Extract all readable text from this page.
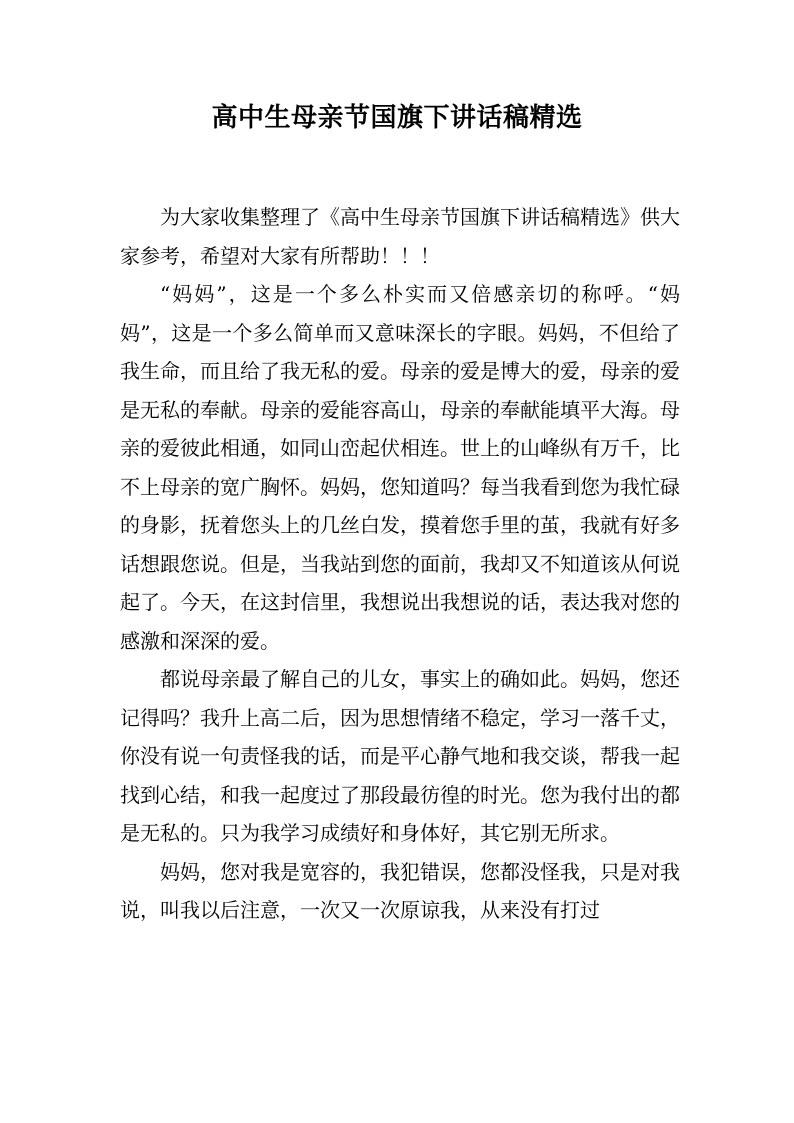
高中生母亲节国旗下讲话稿精选

为大家收集整理了《高中生母亲节国旗下讲话稿精选》供大家参考，希望对大家有所帮助！！！

“妈妈”，这是一个多么朴实而又倍感亲切的称呼。“妈妈”，这是一个多么简单而又意味深长的字眼。妈妈，不但给了我生命，而且给了我无私的爱。母亲的爱是博大的爱，母亲的爱是无私的奉献。母亲的爱能容高山，母亲的奉献能填平大海。母亲的爱彼此相通，如同山峦起伏相连。世上的山峰纵有万千，比不上母亲的宽广胸怀。妈妈，您知道吗？每当我看到您为我忙碌的身影，抚着您头上的几丝白发，摸着您手里的茧，我就有好多话想跟您说。但是，当我站到您的面前，我却又不知道该从何说起了。今天，在这封信里，我想说出我想说的话，表达我对您的感激和深深的爱。

都说母亲最了解自己的儿女，事实上的确如此。妈妈，您还记得吗？我升上高二后，因为思想情绪不稳定，学习一落千丈，你没有说一句责怪我的话，而是平心静气地和我交谈，帮我一起找到心结，和我一起度过了那段最彷徨的时光。您为我付出的都是无私的。只为我学习成绩好和身体好，其它别无所求。

妈妈，您对我是宽容的，我犯错误，您都没怪我，只是对我说，叫我以后注意，一次又一次原谅我，从来没有打过
